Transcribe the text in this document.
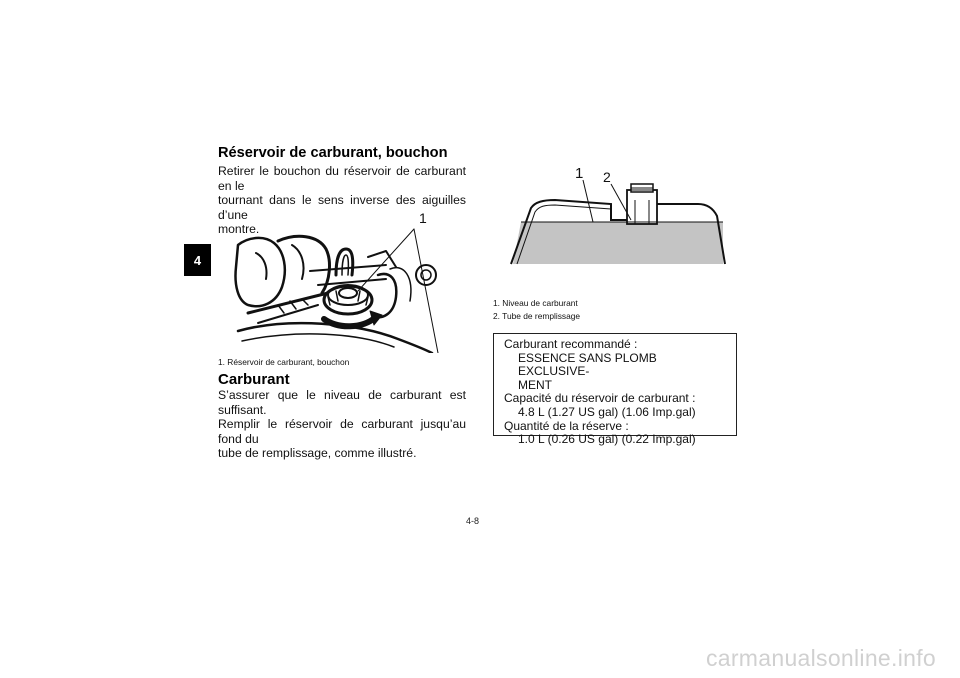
4
Réservoir de carburant, bouchon
Retirer le bouchon du réservoir de carburant en le
tournant dans le sens inverse des aiguilles d’une
montre.
1
1. Réservoir de carburant, bouchon
Carburant
S’assurer que le niveau de carburant est suffisant.
Remplir le réservoir de carburant jusqu’au fond du
tube de remplissage, comme illustré.
1 2
1. Niveau de carburant
2. Tube de remplissage
Carburant recommandé :
ESSENCE SANS PLOMB EXCLUSIVE-
MENT
Capacité du réservoir de carburant :
4.8 L (1.27 US gal) (1.06 Imp.gal)
Quantité de la réserve :
1.0 L (0.26 US gal) (0.22 Imp.gal)
4-8
carmanualsonline.info
